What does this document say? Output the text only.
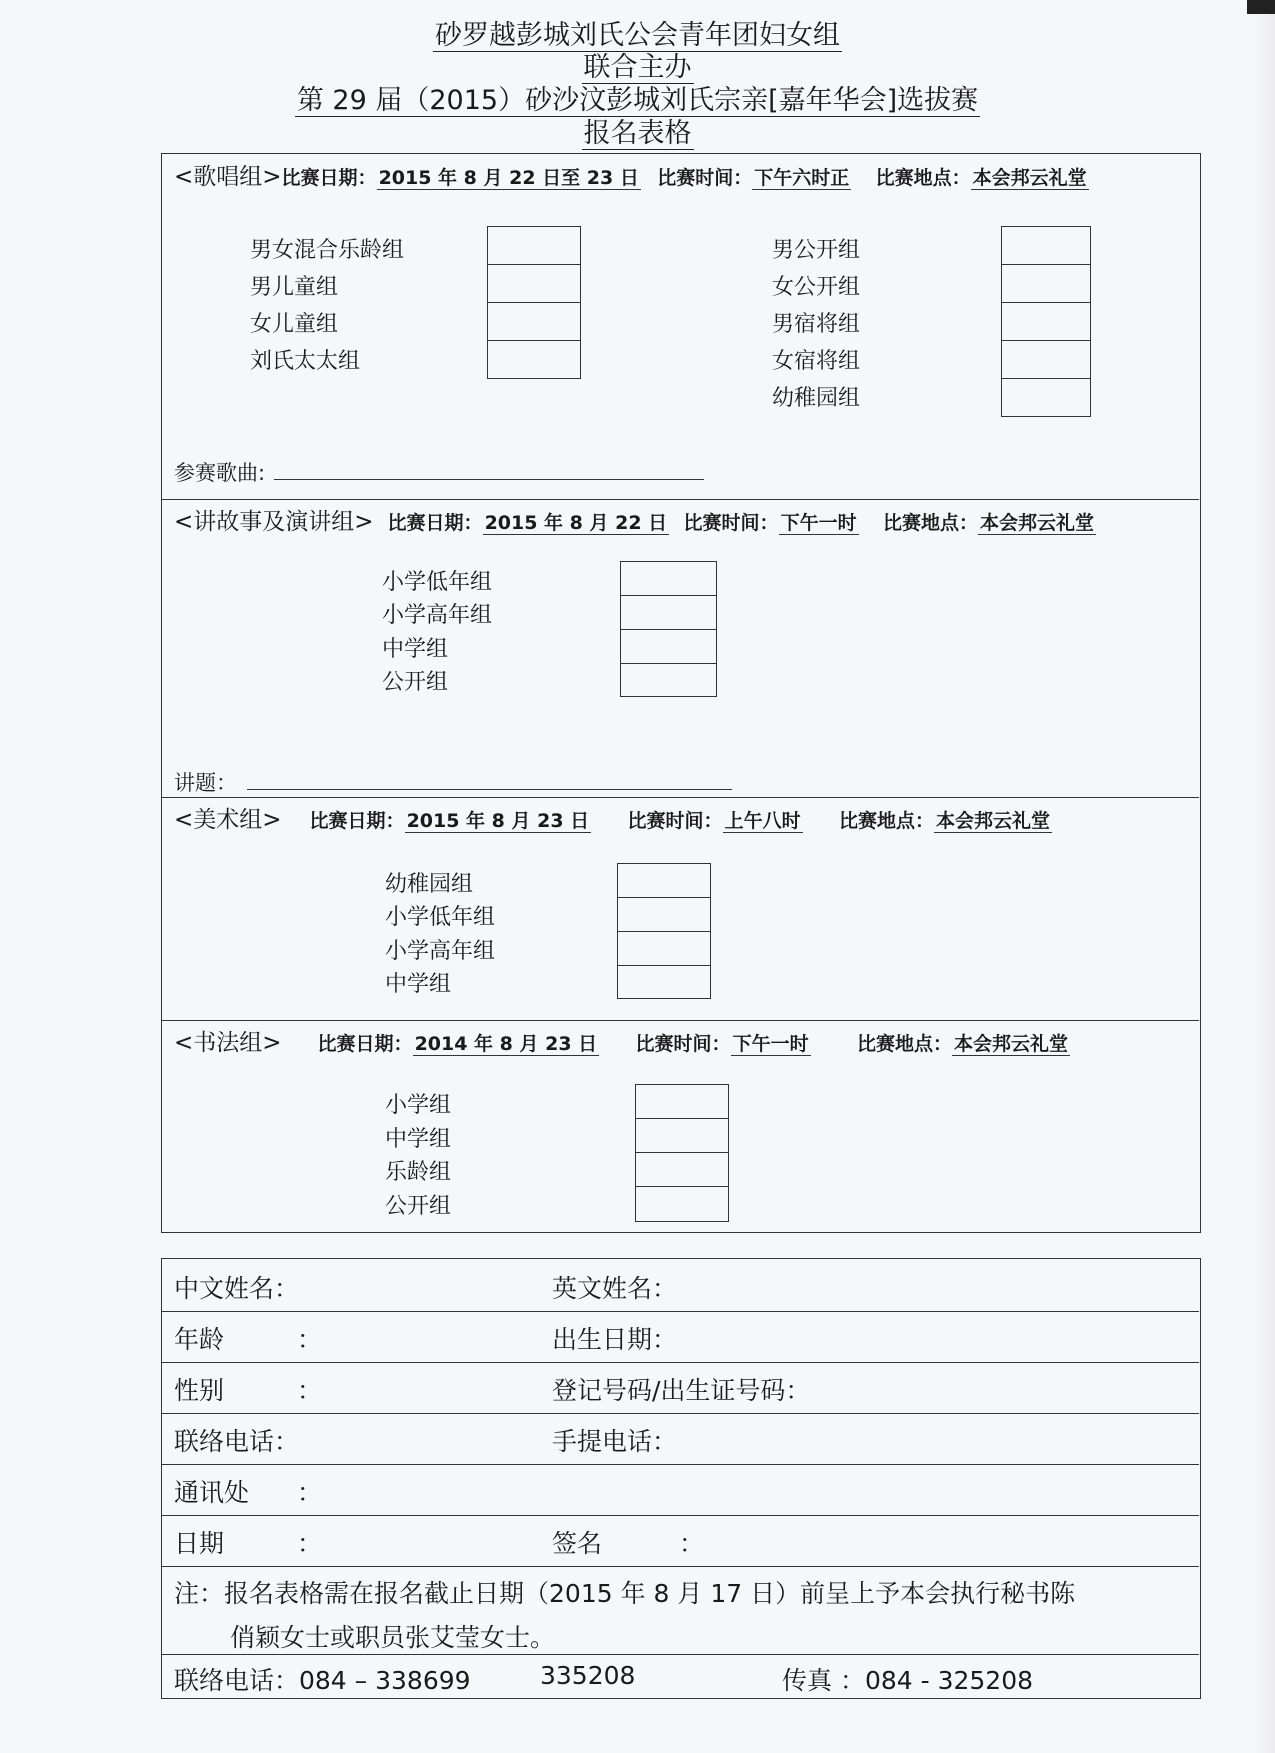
砂罗越彭城刘氏公会青年团妇女组
联合主办
第 29 届（2015）砂沙汶彭城刘氏宗亲[嘉年华会]选拔赛
报名表格
<歌唱组>比赛日期： 2015 年 8 月 22 日至 23 日 比赛时间： 下午六时正 比赛地点： 本会邦云礼堂
男女混合乐龄组
男儿童组
女儿童组
刘氏太太组
男公开组
女公开组
男宿将组
女宿将组
幼稚园组
参赛歌曲:
<讲故事及演讲组> 比赛日期： 2015 年 8 月 22 日 比赛时间： 下午一时 比赛地点： 本会邦云礼堂
小学低年组
小学高年组
中学组
公开组
讲题：
<美术组> 比赛日期： 2015 年 8 月 23 日 比赛时间： 上午八时 比赛地点： 本会邦云礼堂
幼稚园组
小学低年组
小学高年组
中学组
<书法组> 比赛日期： 2014 年 8 月 23 日 比赛时间： 下午一时	比赛地点： 本会邦云礼堂
小学组
中学组
乐龄组
公开组
中文姓名：	英文姓名：
年龄	：	出生日期：
性别	：	登记号码/出生证号码：
联络电话：	手提电话：
通讯处 ：
日期	：	签名	：
注：报名表格需在报名截止日期（2015 年 8 月 17 日）前呈上予本会执行秘书陈
俏颖女士或职员张艾莹女士。
联络电话：084 – 338699	335208	传真 ：084 - 325208
